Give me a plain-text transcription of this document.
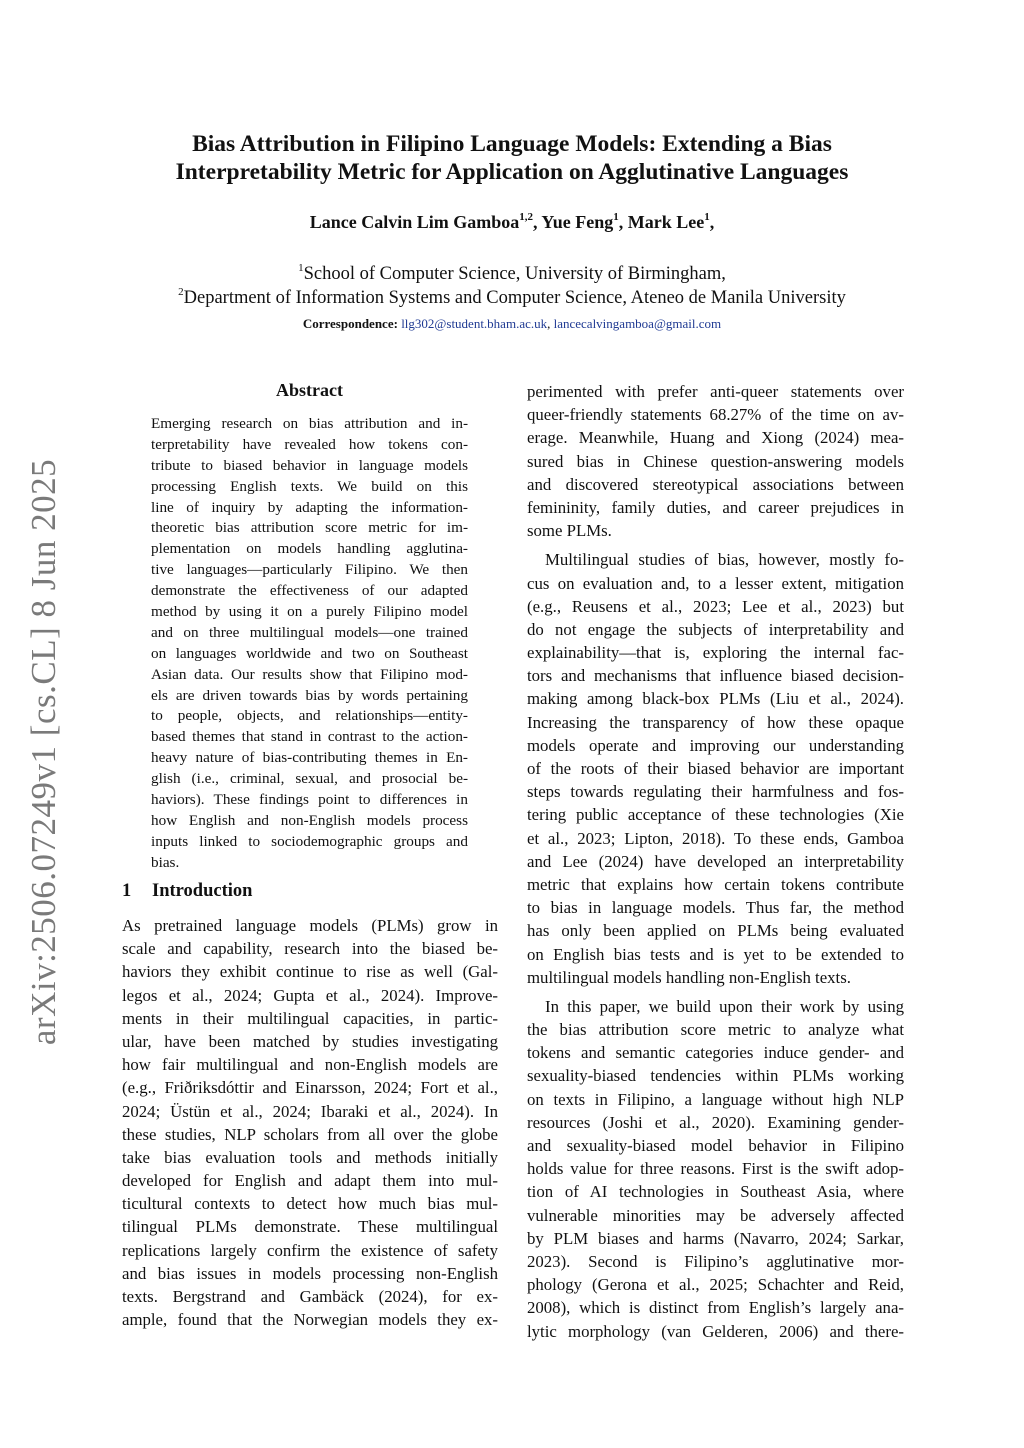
arXiv:2506.07249v1 [cs.CL] 8 Jun 2025
Bias Attribution in Filipino Language Models: Extending a Bias
Interpretability Metric for Application on Agglutinative Languages
Lance Calvin Lim Gamboa$^{1,2}$, Yue Feng$^1$, Mark Lee$^1$,
$^1$School of Computer Science, University of Birmingham,
$^2$Department of Information Systems and Computer Science, Ateneo de Manila University
Correspondence: llg302@student.bham.ac.uk, lancecalvingamboa@gmail.com
Abstract
Emerging research on bias attribution and in-
terpretability have revealed how tokens con-
tribute to biased behavior in language models
processing English texts. We build on this
line of inquiry by adapting the information-
theoretic bias attribution score metric for im-
plementation on models handling agglutina-
tive languages—particularly Filipino. We then
demonstrate the effectiveness of our adapted
method by using it on a purely Filipino model
and on three multilingual models—one trained
on languages worldwide and two on Southeast
Asian data. Our results show that Filipino mod-
els are driven towards bias by words pertaining
to people, objects, and relationships—entity-
based themes that stand in contrast to the action-
heavy nature of bias-contributing themes in En-
glish (i.e., criminal, sexual, and prosocial be-
haviors). These findings point to differences in
how English and non-English models process
inputs linked to sociodemographic groups and
bias.
1 Introduction
As pretrained language models (PLMs) grow in
scale and capability, research into the biased be-
haviors they exhibit continue to rise as well (Gal-
legos et al., 2024; Gupta et al., 2024). Improve-
ments in their multilingual capacities, in partic-
ular, have been matched by studies investigating
how fair multilingual and non-English models are
(e.g., Friðriksdóttir and Einarsson, 2024; Fort et al.,
2024; Üstün et al., 2024; Ibaraki et al., 2024). In
these studies, NLP scholars from all over the globe
take bias evaluation tools and methods initially
developed for English and adapt them into mul-
ticultural contexts to detect how much bias mul-
tilingual PLMs demonstrate. These multilingual
replications largely confirm the existence of safety
and bias issues in models processing non-English
texts. Bergstrand and Gambäck (2024), for ex-
ample, found that the Norwegian models they ex-
perimented with prefer anti-queer statements over
queer-friendly statements 68.27% of the time on av-
erage. Meanwhile, Huang and Xiong (2024) mea-
sured bias in Chinese question-answering models
and discovered stereotypical associations between
femininity, family duties, and career prejudices in
some PLMs.
Multilingual studies of bias, however, mostly fo-
cus on evaluation and, to a lesser extent, mitigation
(e.g., Reusens et al., 2023; Lee et al., 2023) but
do not engage the subjects of interpretability and
explainability—that is, exploring the internal fac-
tors and mechanisms that influence biased decision-
making among black-box PLMs (Liu et al., 2024).
Increasing the transparency of how these opaque
models operate and improving our understanding
of the roots of their biased behavior are important
steps towards regulating their harmfulness and fos-
tering public acceptance of these technologies (Xie
et al., 2023; Lipton, 2018). To these ends, Gamboa
and Lee (2024) have developed an interpretability
metric that explains how certain tokens contribute
to bias in language models. Thus far, the method
has only been applied on PLMs being evaluated
on English bias tests and is yet to be extended to
multilingual models handling non-English texts.
In this paper, we build upon their work by using
the bias attribution score metric to analyze what
tokens and semantic categories induce gender- and
sexuality-biased tendencies within PLMs working
on texts in Filipino, a language without high NLP
resources (Joshi et al., 2020). Examining gender-
and sexuality-biased model behavior in Filipino
holds value for three reasons. First is the swift adop-
tion of AI technologies in Southeast Asia, where
vulnerable minorities may be adversely affected
by PLM biases and harms (Navarro, 2024; Sarkar,
2023). Second is Filipino’s agglutinative mor-
phology (Gerona et al., 2025; Schachter and Reid,
2008), which is distinct from English’s largely ana-
lytic morphology (van Gelderen, 2006) and there-
